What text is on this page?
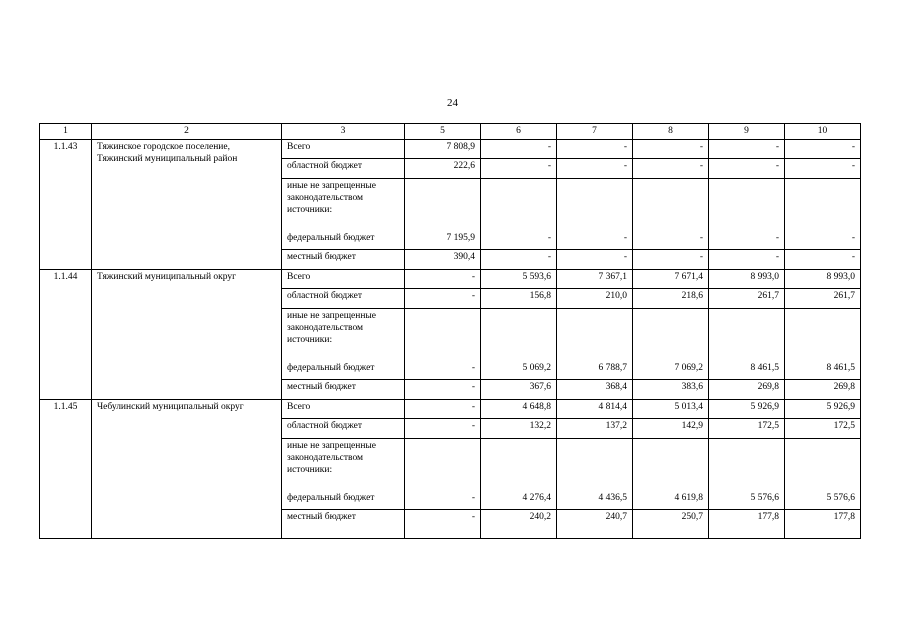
24
1	2	3	5	6	7	8	9	10
1.1.43	Тяжинское городское поселение, Тяжинский муниципальный район	Всего	7 808,9	-	-	-	-	-
		областной бюджет	222,6	-	-	-	-	-
		иные не запрещенные законодательством источники:						
		федеральный бюджет	7 195,9	-	-	-	-	-
		местный бюджет	390,4	-	-	-	-	-
1.1.44	Тяжинский муниципальный округ	Всего	-	5 593,6	7 367,1	7 671,4	8 993,0	8 993,0
		областной бюджет	-	156,8	210,0	218,6	261,7	261,7
		иные не запрещенные законодательством источники:						
		федеральный бюджет	-	5 069,2	6 788,7	7 069,2	8 461,5	8 461,5
		местный бюджет	-	367,6	368,4	383,6	269,8	269,8
1.1.45	Чебулинский муниципальный округ	Всего	-	4 648,8	4 814,4	5 013,4	5 926,9	5 926,9
		областной бюджет	-	132,2	137,2	142,9	172,5	172,5
		иные не запрещенные законодательством источники:						
		федеральный бюджет	-	4 276,4	4 436,5	4 619,8	5 576,6	5 576,6
		местный бюджет	-	240,2	240,7	250,7	177,8	177,8
